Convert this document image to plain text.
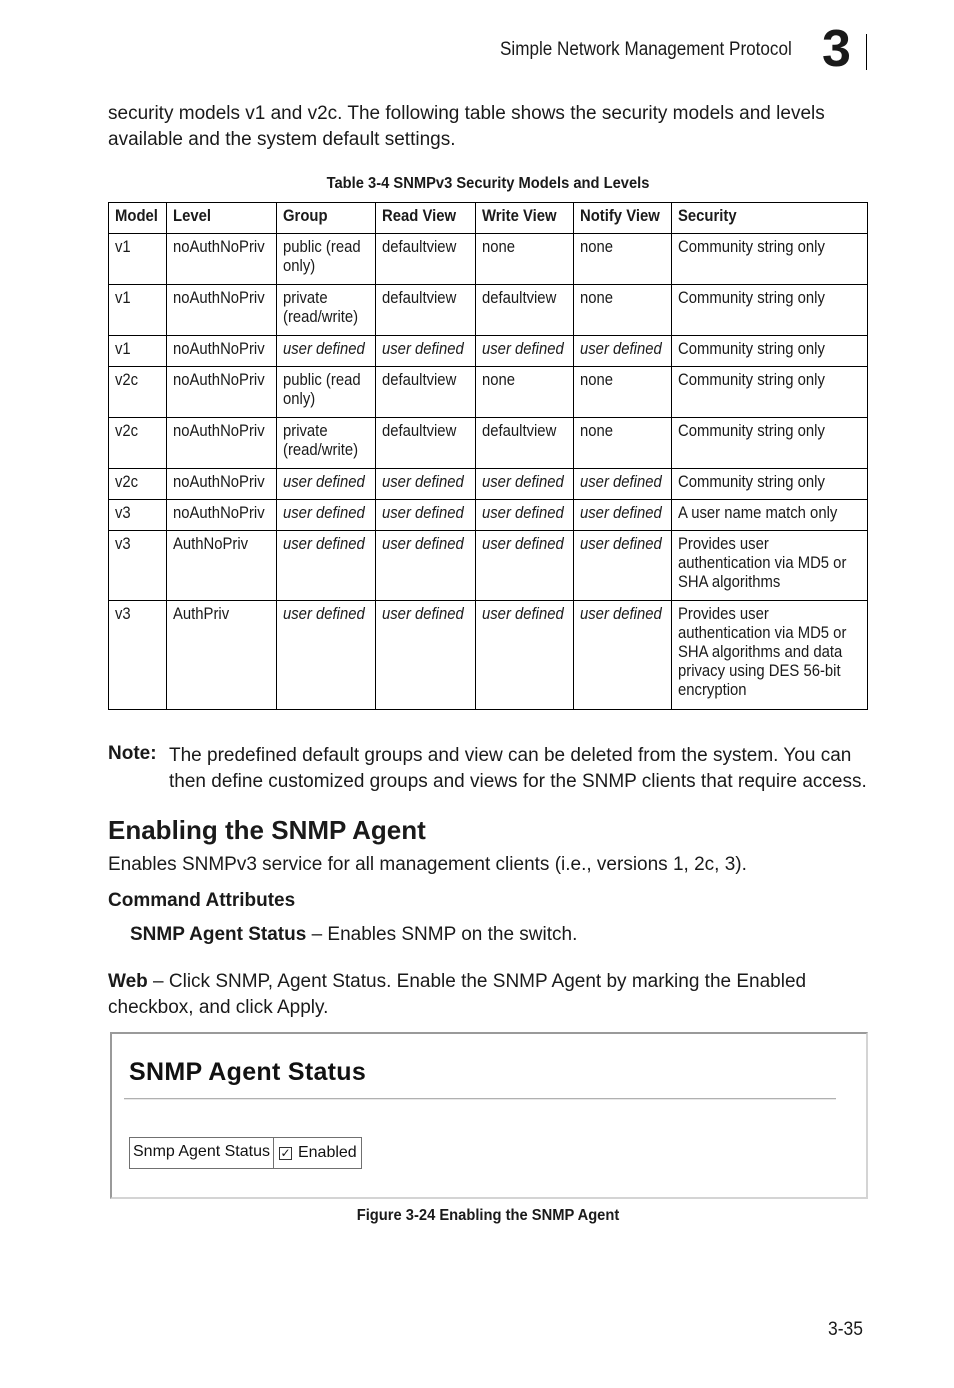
Simple Network Management Protocol 3
security models v1 and v2c. The following table shows the security models and levels available and the system default settings.
Table 3-4 SNMPv3 Security Models and Levels
Model	Level	Group	Read View	Write View	Notify View	Security
v1	noAuthNoPriv	public (read only)	defaultview	none	none	Community string only
v1	noAuthNoPriv	private (read/write)	defaultview	defaultview	none	Community string only
v1	noAuthNoPriv	user defined	user defined	user defined	user defined	Community string only
v2c	noAuthNoPriv	public (read only)	defaultview	none	none	Community string only
v2c	noAuthNoPriv	private (read/write)	defaultview	defaultview	none	Community string only
v2c	noAuthNoPriv	user defined	user defined	user defined	user defined	Community string only
v3	noAuthNoPriv	user defined	user defined	user defined	user defined	A user name match only
v3	AuthNoPriv	user defined	user defined	user defined	user defined	Provides user authentication via MD5 or SHA algorithms
v3	AuthPriv	user defined	user defined	user defined	user defined	Provides user authentication via MD5 or SHA algorithms and data privacy using DES 56-bit encryption
Note: The predefined default groups and view can be deleted from the system. You can then define customized groups and views for the SNMP clients that require access.
Enabling the SNMP Agent
Enables SNMPv3 service for all management clients (i.e., versions 1, 2c, 3).
Command Attributes
SNMP Agent Status – Enables SNMP on the switch.
Web – Click SNMP, Agent Status. Enable the SNMP Agent by marking the Enabled checkbox, and click Apply.
SNMP Agent Status
Snmp Agent Status ✓ Enabled
Figure 3-24 Enabling the SNMP Agent
3-35
